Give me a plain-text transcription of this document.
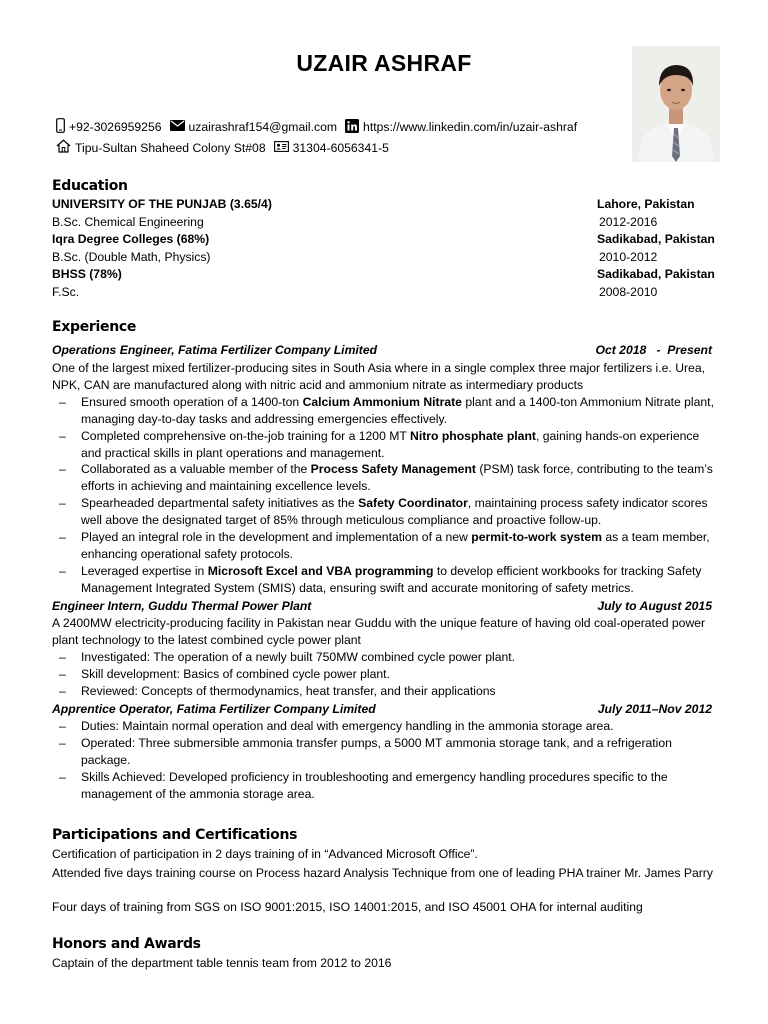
UZAIR ASHRAF
+92-3026959256 uzairashraf154@gmail.com https://www.linkedin.com/in/uzair-ashraf
Tipu-Sultan Shaheed Colony St#08 31304-6056341-5
Education
UNIVERSITY OF THE PUNJAB (3.65/4)	Lahore, Pakistan
B.Sc. Chemical Engineering	2012-2016
Iqra Degree Colleges (68%)	Sadikabad, Pakistan
B.Sc. (Double Math, Physics)	2010-2012
BHSS (78%)	Sadikabad, Pakistan
F.Sc.	2008-2010
Experience
Operations Engineer, Fatima Fertilizer Company Limited	Oct 2018   -  Present
One of the largest mixed fertilizer-producing sites in South Asia where in a single complex three major fertilizers i.e. Urea, NPK, CAN are manufactured along with nitric acid and ammonium nitrate as intermediary products
– Ensured smooth operation of a 1400-ton Calcium Ammonium Nitrate plant and a 1400-ton Ammonium Nitrate plant, managing day-to-day tasks and addressing emergencies effectively.
– Completed comprehensive on-the-job training for a 1200 MT Nitro phosphate plant, gaining hands-on experience and practical skills in plant operations and management.
– Collaborated as a valuable member of the Process Safety Management (PSM) task force, contributing to the team’s efforts in achieving and maintaining excellence levels.
– Spearheaded departmental safety initiatives as the Safety Coordinator, maintaining process safety indicator scores well above the designated target of 85% through meticulous compliance and proactive follow-up.
– Played an integral role in the development and implementation of a new permit-to-work system as a team member, enhancing operational safety protocols.
– Leveraged expertise in Microsoft Excel and VBA programming to develop efficient workbooks for tracking Safety Management Integrated System (SMIS) data, ensuring swift and accurate monitoring of safety metrics.
Engineer Intern, Guddu Thermal Power Plant	July to August 2015
A 2400MW electricity-producing facility in Pakistan near Guddu with the unique feature of having old coal-operated power plant technology to the latest combined cycle power plant
– Investigated: The operation of a newly built 750MW combined cycle power plant.
– Skill development: Basics of combined cycle power plant.
– Reviewed: Concepts of thermodynamics, heat transfer, and their applications
Apprentice Operator, Fatima Fertilizer Company Limited	July 2011–Nov 2012
– Duties: Maintain normal operation and deal with emergency handling in the ammonia storage area.
– Operated: Three submersible ammonia transfer pumps, a 5000 MT ammonia storage tank, and a refrigeration package.
– Skills Achieved: Developed proficiency in troubleshooting and emergency handling procedures specific to the management of the ammonia storage area.
Participations and Certifications
Certification of participation in 2 days training of in “Advanced Microsoft Office”.
Attended five days training course on Process hazard Analysis Technique from one of leading PHA trainer Mr. James Parry
Four days of training from SGS on ISO 9001:2015, ISO 14001:2015, and ISO 45001 OHA for internal auditing
Honors and Awards
Captain of the department table tennis team from 2012 to 2016
